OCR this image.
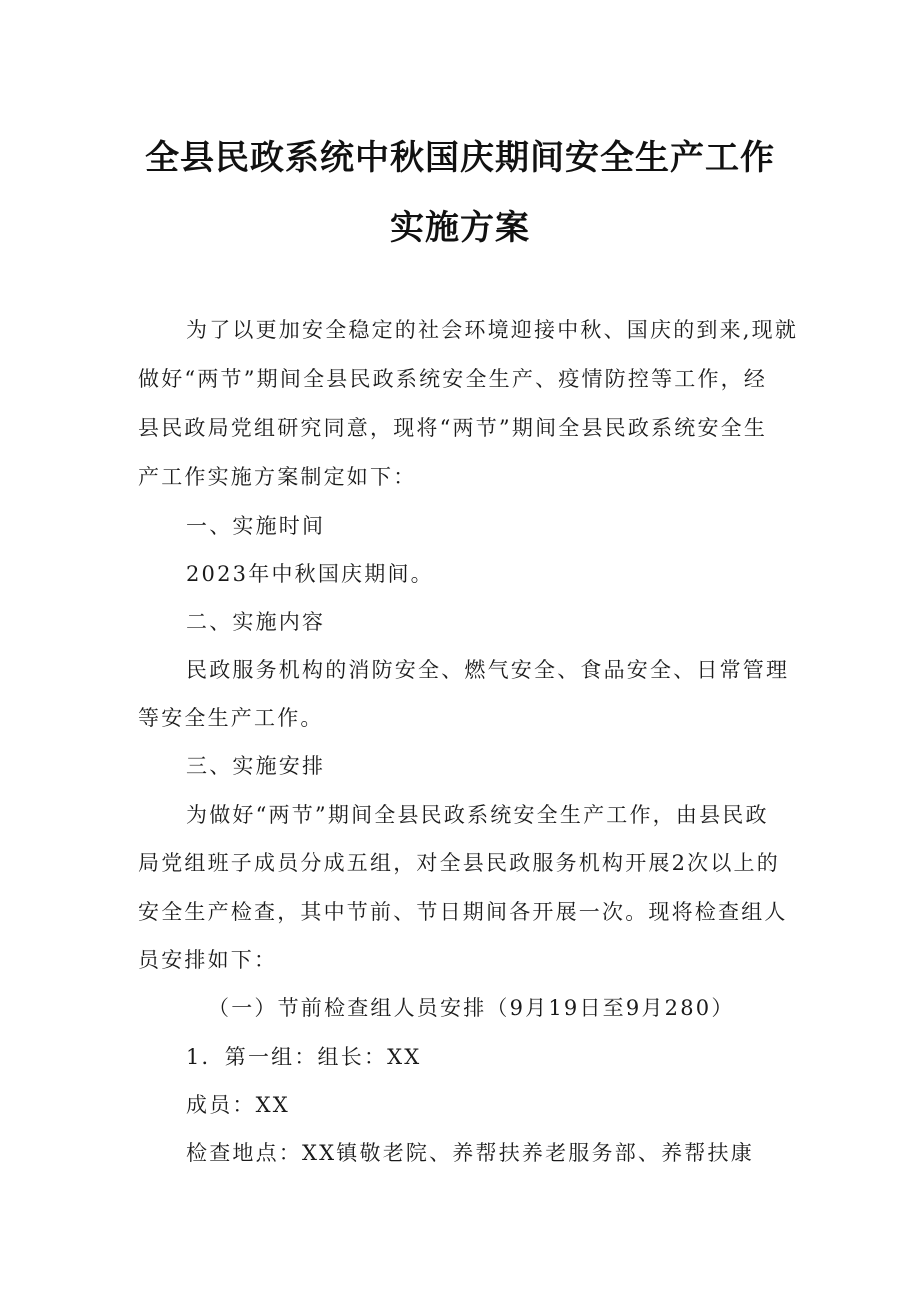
全县民政系统中秋国庆期间安全生产工作
实施方案
为了以更加安全稳定的社会环境迎接中秋、国庆的到来,现就
做好“两节”期间全县民政系统安全生产、疫情防控等工作，经
县民政局党组研究同意，现将“两节”期间全县民政系统安全生
产工作实施方案制定如下：
一、实施时间
2023年中秋国庆期间。
二、实施内容
民政服务机构的消防安全、燃气安全、食品安全、日常管理
等安全生产工作。
三、实施安排
为做好“两节”期间全县民政系统安全生产工作，由县民政
局党组班子成员分成五组，对全县民政服务机构开展2次以上的
安全生产检查，其中节前、节日期间各开展一次。现将检查组人
员安排如下：
（一）节前检查组人员安排（9月19日至9月280）
1．第一组：组长：XX
成员：XX
检查地点：XX镇敬老院、养帮扶养老服务部、养帮扶康
